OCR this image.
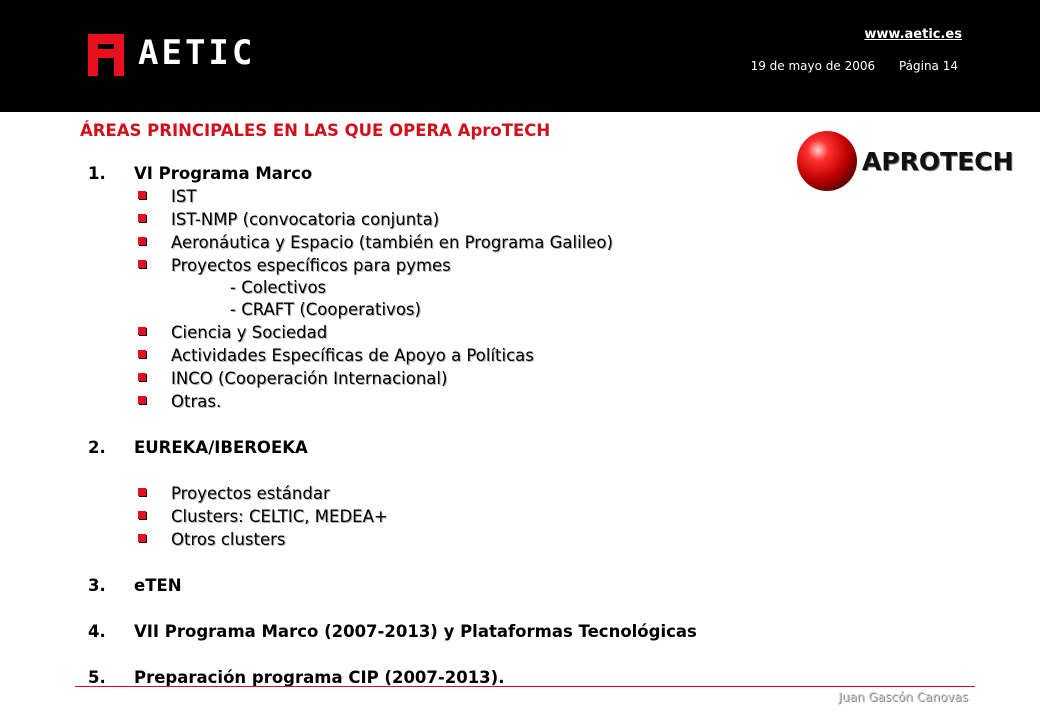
AETIC	www.aetic.es
19 de mayo de 2006 Página 14
ÁREAS PRINCIPALES EN LAS QUE OPERA AproTECH
APROTECH
1.	VI Programa Marco
IST
IST-NMP (convocatoria conjunta)
Aeronáutica y Espacio (también en Programa Galileo)
Proyectos específicos para pymes
- Colectivos
- CRAFT (Cooperativos)
Ciencia y Sociedad
Actividades Específicas de Apoyo a Políticas
INCO (Cooperación Internacional)
Otras.
2.	EUREKA/IBEROEKA
Proyectos estándar
Clusters: CELTIC, MEDEA+
Otros clusters
3.	eTEN
4.	VII Programa Marco (2007-2013) y Plataformas Tecnológicas
5.	Preparación programa CIP (2007-2013).
Juan Gascón Canovas
